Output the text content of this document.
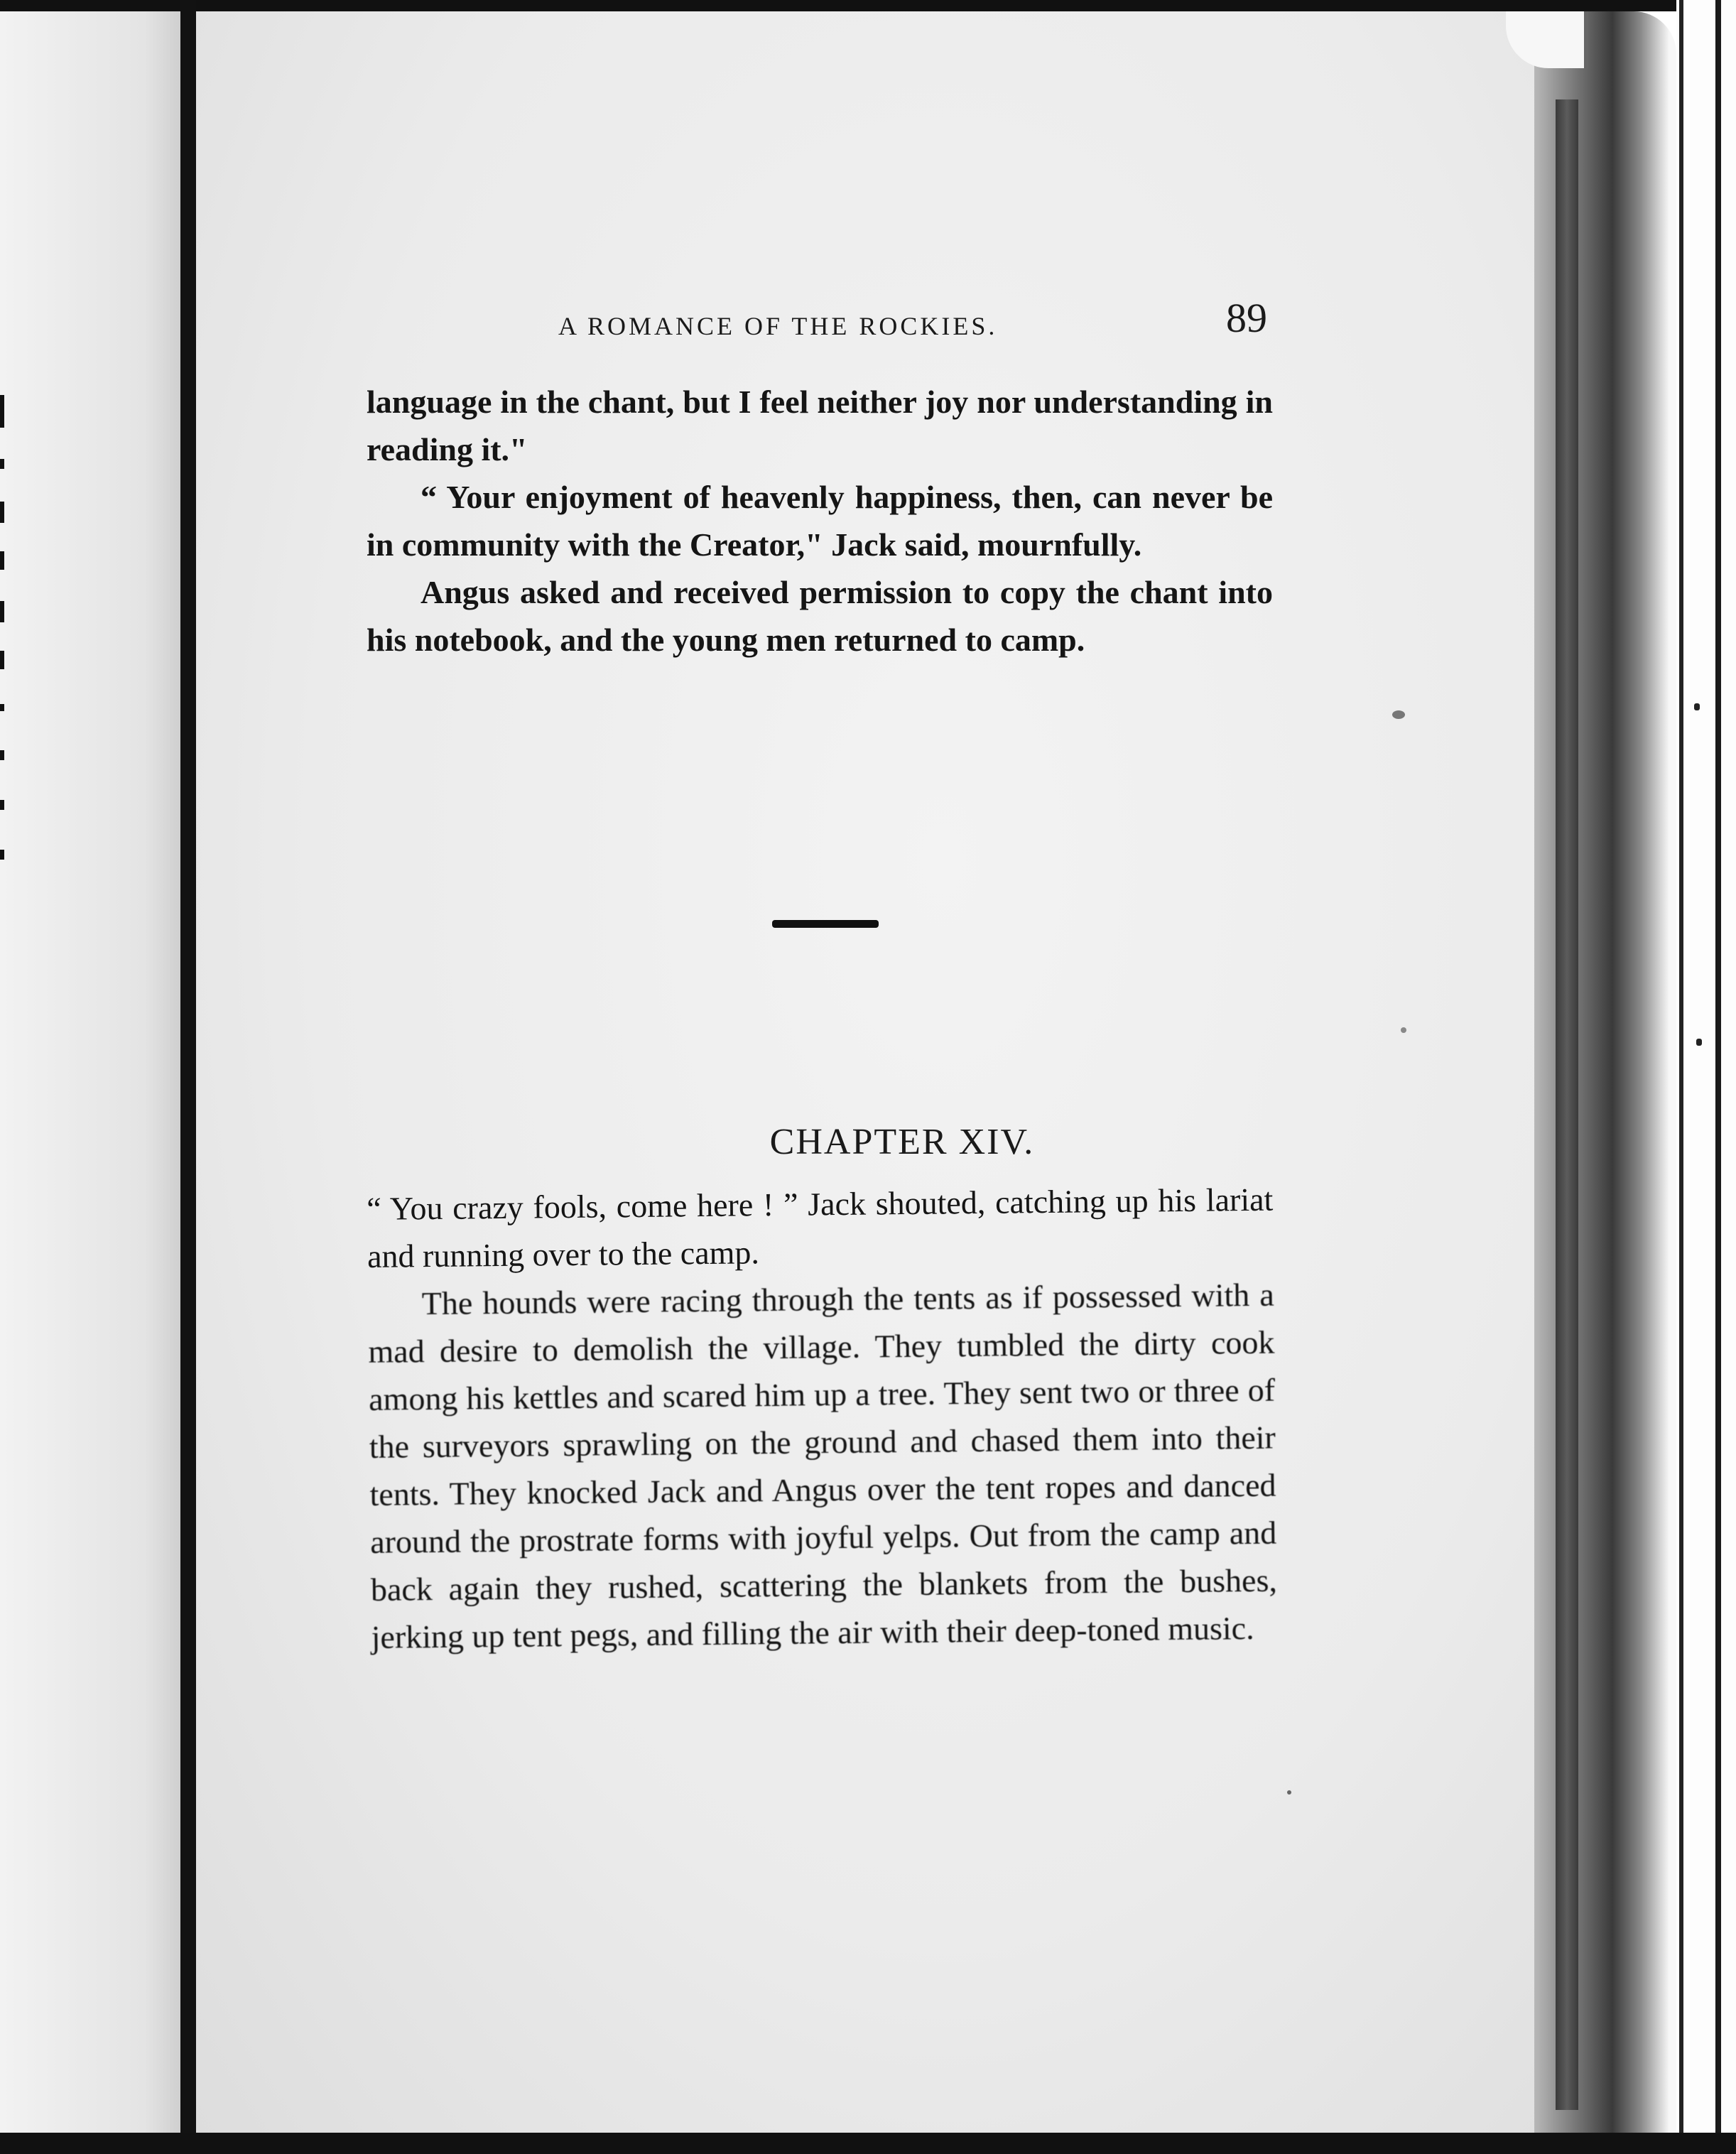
A ROMANCE OF THE ROCKIES.	89

language in the chant, but I feel neither joy nor understanding in reading it."

“ Your enjoyment of heavenly happiness, then, can never be in community with the Creator," Jack said, mournfully.

Angus asked and received permission to copy the chant into his notebook, and the young men returned to camp.

CHAPTER XIV.

“ You crazy fools, come here ! ” Jack shouted, catching up his lariat and running over to the camp.

The hounds were racing through the tents as if possessed with a mad desire to demolish the village. They tumbled the dirty cook among his kettles and scared him up a tree. They sent two or three of the surveyors sprawling on the ground and chased them into their tents. They knocked Jack and Angus over the tent ropes and danced around the prostrate forms with joyful yelps. Out from the camp and back again they rushed, scattering the blankets from the bushes, jerking up tent pegs, and filling the air with their deep-toned music.
